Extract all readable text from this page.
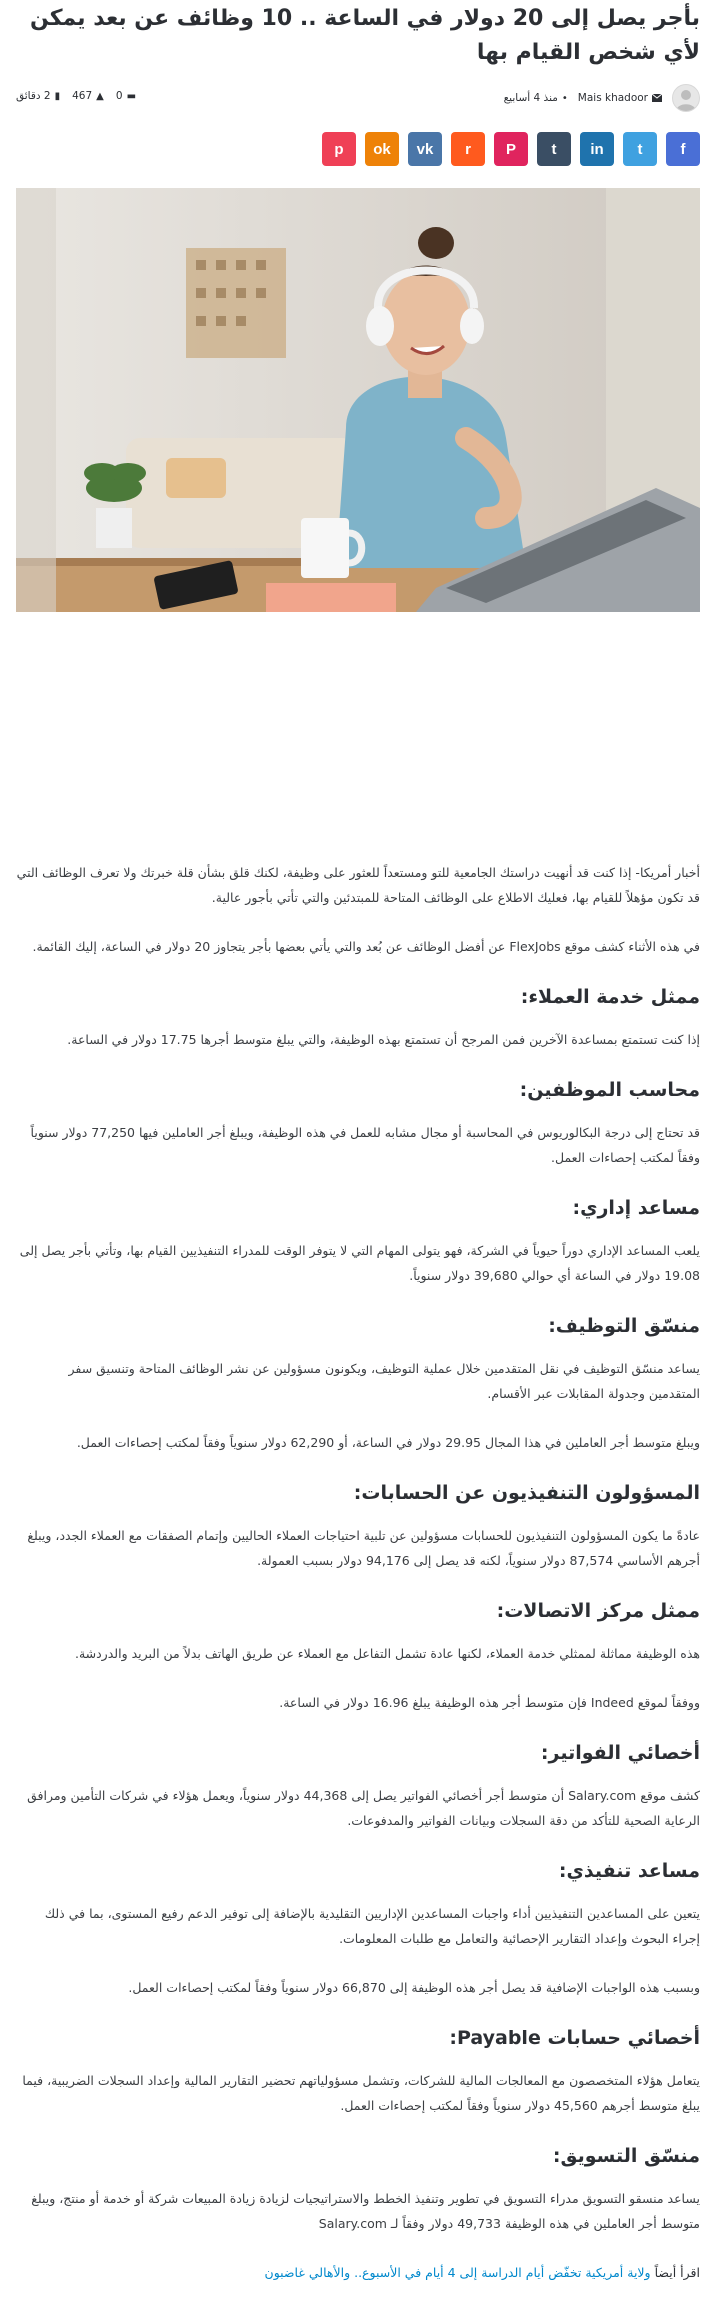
بأجر يصل إلى 20 دولار في الساعة .. 10 وظائف عن بعد يمكن لأي شخص القيام بها
Mais khadoor
•
منذ 4 أسابيع
▬
0
▲
467
▮
2 دقائق
f
t
in
t
P
r
vk
ok
p

أخبار أمريكا- إذا كنت قد أنهيت دراستك الجامعية للتو ومستعداً للعثور على وظيفة، لكنك قلق بشأن قلة خبرتك ولا تعرف الوظائف التي قد تكون مؤهلاً للقيام بها، فعليك الاطلاع على الوظائف المتاحة للمبتدئين والتي تأتي بأجور عالية.

في هذه الأثناء كشف موقع FlexJobs عن أفضل الوظائف عن بُعد والتي يأتي بعضها بأجر يتجاوز 20 دولار في الساعة، إليك القائمة.

ممثل خدمة العملاء:

إذا كنت تستمتع بمساعدة الآخرين فمن المرجح أن تستمتع بهذه الوظيفة، والتي يبلغ متوسط أجرها 17.75 دولار في الساعة.

محاسب الموظفين:

قد تحتاج إلى درجة البكالوريوس في المحاسبة أو مجال مشابه للعمل في هذه الوظيفة، ويبلغ أجر العاملين فيها 77,250 دولار سنوياً وفقاً لمكتب إحصاءات العمل.

مساعد إداري:

يلعب المساعد الإداري دوراً حيوياً في الشركة، فهو يتولى المهام التي لا يتوفر الوقت للمدراء التنفيذيين القيام بها، وتأتي بأجر يصل إلى 19.08 دولار في الساعة أي حوالي 39,680 دولار سنوياً.

منسّق التوظيف:

يساعد منسّق التوظيف في نقل المتقدمين خلال عملية التوظيف، ويكونون مسؤولين عن نشر الوظائف المتاحة وتنسيق سفر المتقدمين وجدولة المقابلات عبر الأقسام.

ويبلغ متوسط أجر العاملين في هذا المجال 29.95 دولار في الساعة، أو 62,290 دولار سنوياً وفقاً لمكتب إحصاءات العمل.

المسؤولون التنفيذيون عن الحسابات:

عادةً ما يكون المسؤولون التنفيذيون للحسابات مسؤولين عن تلبية احتياجات العملاء الحاليين وإتمام الصفقات مع العملاء الجدد، ويبلغ أجرهم الأساسي 87,574 دولار سنوياً، لكنه قد يصل إلى 94,176 دولار بسبب العمولة.

ممثل مركز الاتصالات:

هذه الوظيفة مماثلة لممثلي خدمة العملاء، لكنها عادة تشمل التفاعل مع العملاء عن طريق الهاتف بدلاً من البريد والدردشة.

ووفقاً لموقع Indeed فإن متوسط أجر هذه الوظيفة يبلغ 16.96 دولار في الساعة.

أخصائي الفواتير:

كشف موقع Salary.com أن متوسط أجر أخصائي الفواتير يصل إلى 44,368 دولار سنوياً، ويعمل هؤلاء في شركات التأمين ومرافق الرعاية الصحية للتأكد من دقة السجلات وبيانات الفواتير والمدفوعات.

مساعد تنفيذي:

يتعين على المساعدين التنفيذيين أداء واجبات المساعدين الإداريين التقليدية بالإضافة إلى توفير الدعم رفيع المستوى، بما في ذلك إجراء البحوث وإعداد التقارير الإحصائية والتعامل مع طلبات المعلومات.

وبسبب هذه الواجبات الإضافية قد يصل أجر هذه الوظيفة إلى 66,870 دولار سنوياً وفقاً لمكتب إحصاءات العمل.

أخصائي حسابات Payable:

يتعامل هؤلاء المتخصصون مع المعالجات المالية للشركات، وتشمل مسؤولياتهم تحضير التقارير المالية وإعداد السجلات الضريبية، فيما يبلغ متوسط أجرهم 45,560 دولار سنوياً وفقاً لمكتب إحصاءات العمل.

منسّق التسويق:

يساعد منسقو التسويق مدراء التسويق في تطوير وتنفيذ الخطط والاستراتيجيات لزيادة زيادة المبيعات شركة أو خدمة أو منتج، ويبلغ متوسط أجر العاملين في هذه الوظيفة 49,733 دولار وفقاً لـ Salary.com

اقرأ أيضاً ولاية أمريكية تخفّض أيام الدراسة إلى 4 أيام في الأسبوع.. والأهالي غاضبون
